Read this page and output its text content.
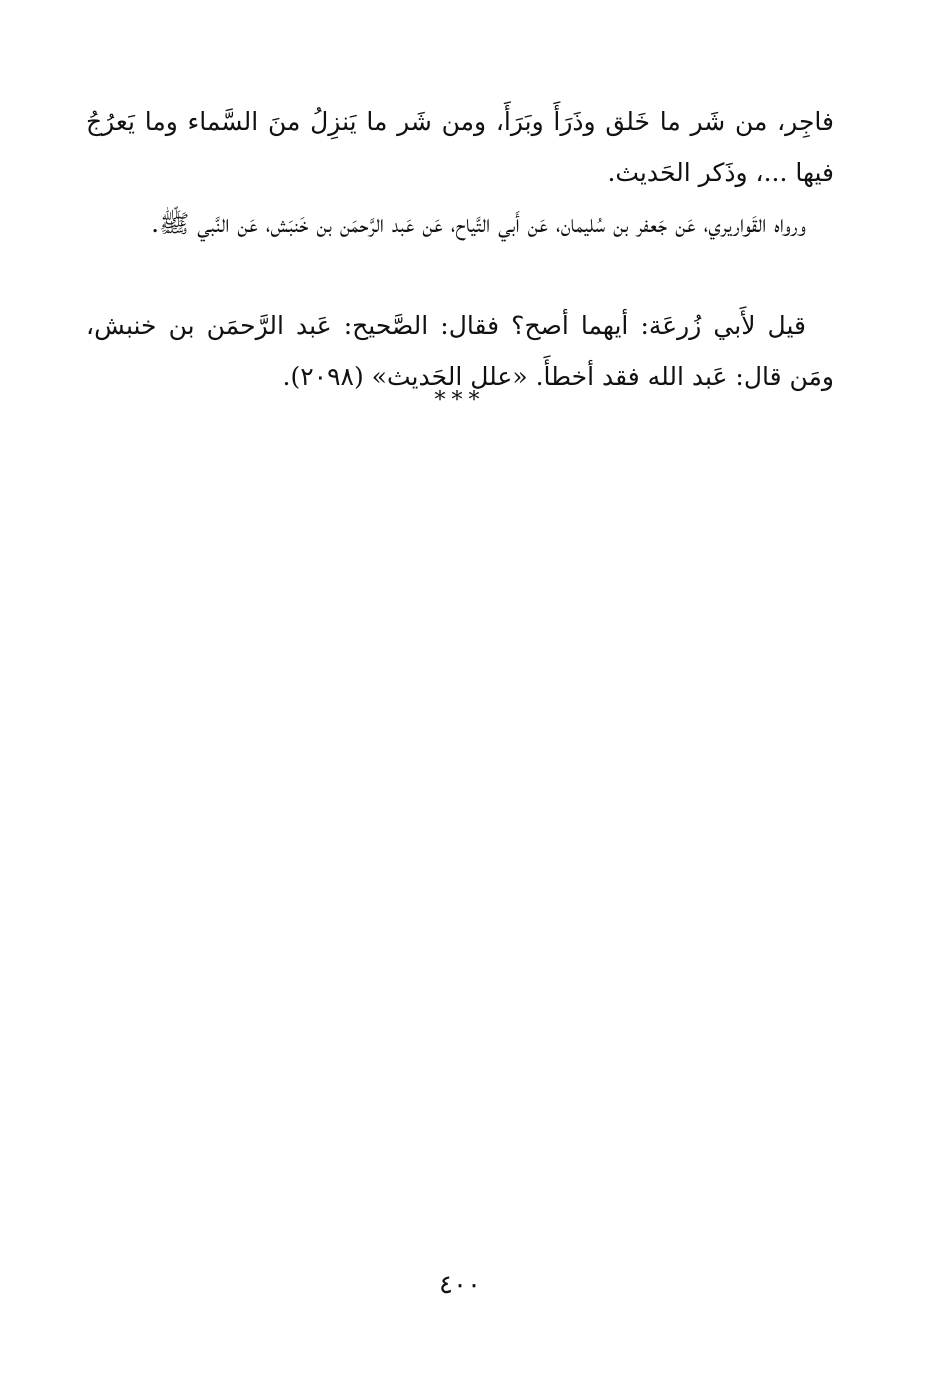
فاجِر، من شَر ما خَلق وذَرَأَ وبَرَأَ، ومن شَر ما يَنزِلُ منَ السَّماء وما يَعرُجُ فيها ...، وذَكر الحَديث.

ورواه القَواريري، عَن جَعفر بن سُليمان، عَن أَبي التَّياح، عَن عَبد الرَّحمَن بن خَنبَش، عَن النَّبي ﷺ.

قيل لأَبي زُرعَة: أيهما أصح؟ فقال: الصَّحيح: عَبد الرَّحمَن بن خنبش، ومَن قال: عَبد الله فقد أخطأَ. «علل الحَديث» (٢٠٩٨).

***
٤٠٠
